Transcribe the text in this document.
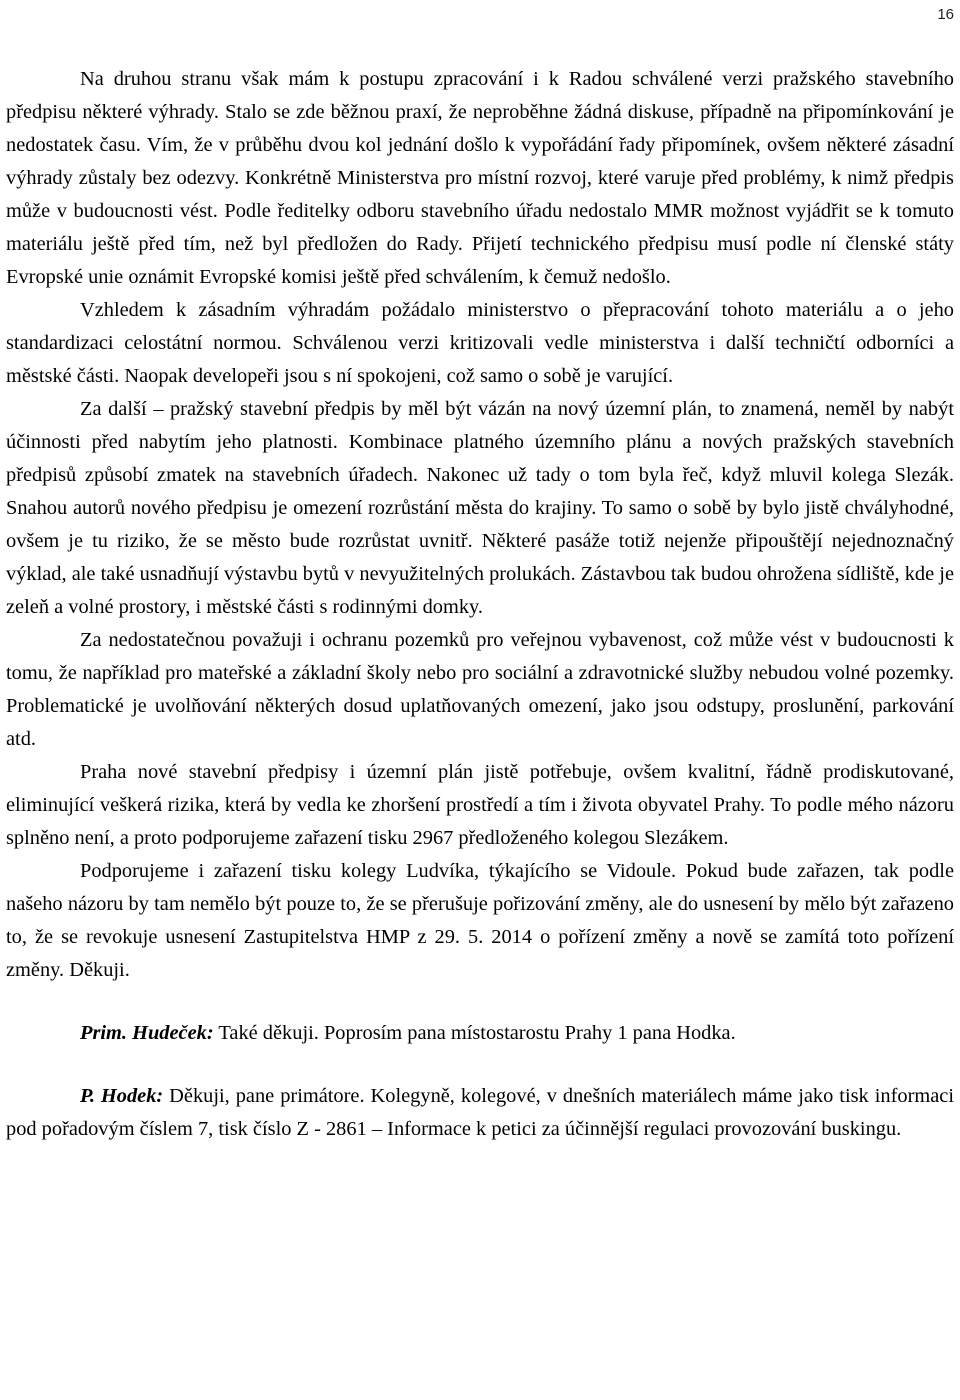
16

Na druhou stranu však mám k postupu zpracování i k Radou schválené verzi pražského stavebního předpisu některé výhrady. Stalo se zde běžnou praxí, že neproběhne žádná diskuse, případně na připomínkování je nedostatek času. Vím, že v průběhu dvou kol jednání došlo k vypořádání řady připomínek, ovšem některé zásadní výhrady zůstaly bez odezvy. Konkrétně Ministerstva pro místní rozvoj, které varuje před problémy, k nimž předpis může v budoucnosti vést. Podle ředitelky odboru stavebního úřadu nedostalo MMR možnost vyjádřit se k tomuto materiálu ještě před tím, než byl předložen do Rady. Přijetí technického předpisu musí podle ní členské státy Evropské unie oznámit Evropské komisi ještě před schválením, k čemuž nedošlo.

Vzhledem k zásadním výhradám požádalo ministerstvo o přepracování tohoto materiálu a o jeho standardizaci celostátní normou. Schválenou verzi kritizovali vedle ministerstva i další techničtí odborníci a městské části. Naopak developeři jsou s ní spokojeni, což samo o sobě je varující.

Za další – pražský stavební předpis by měl být vázán na nový územní plán, to znamená, neměl by nabýt účinnosti před nabytím jeho platnosti. Kombinace platného územního plánu a nových pražských stavebních předpisů způsobí zmatek na stavebních úřadech. Nakonec už tady o tom byla řeč, když mluvil kolega Slezák. Snahou autorů nového předpisu je omezení rozrůstání města do krajiny. To samo o sobě by bylo jistě chvályhodné, ovšem je tu riziko, že se město bude rozrůstat uvnitř. Některé pasáže totiž nejenže připouštějí nejednoznačný výklad, ale také usnadňují výstavbu bytů v nevyužitelných prolukách. Zástavbou tak budou ohrožena sídliště, kde je zeleň a volné prostory, i městské části s rodinnými domky.

Za nedostatečnou považuji i ochranu pozemků pro veřejnou vybavenost, což může vést v budoucnosti k tomu, že například pro mateřské a základní školy nebo pro sociální a zdravotnické služby nebudou volné pozemky. Problematické je uvolňování některých dosud uplatňovaných omezení, jako jsou odstupy, proslunění, parkování atd.

Praha nové stavební předpisy i územní plán jistě potřebuje, ovšem kvalitní, řádně prodiskutované, eliminující veškerá rizika, která by vedla ke zhoršení prostředí a tím i života obyvatel Prahy. To podle mého názoru splněno není, a proto podporujeme zařazení tisku 2967 předloženého kolegou Slezákem.

Podporujeme i zařazení tisku kolegy Ludvíka, týkajícího se Vidoule. Pokud bude zařazen, tak podle našeho názoru by tam nemělo být pouze to, že se přerušuje pořizování změny, ale do usnesení by mělo být zařazeno to, že se revokuje usnesení Zastupitelstva HMP z 29. 5. 2014 o pořízení změny a nově se zamítá toto pořízení změny. Děkuji.

Prim. Hudeček: Také děkuji. Poprosím pana místostarostu Prahy 1 pana Hodka.

P. Hodek: Děkuji, pane primátore. Kolegyně, kolegové, v dnešních materiálech máme jako tisk informaci pod pořadovým číslem 7, tisk číslo Z - 2861 – Informace k petici za účinnější regulaci provozování buskingu.
